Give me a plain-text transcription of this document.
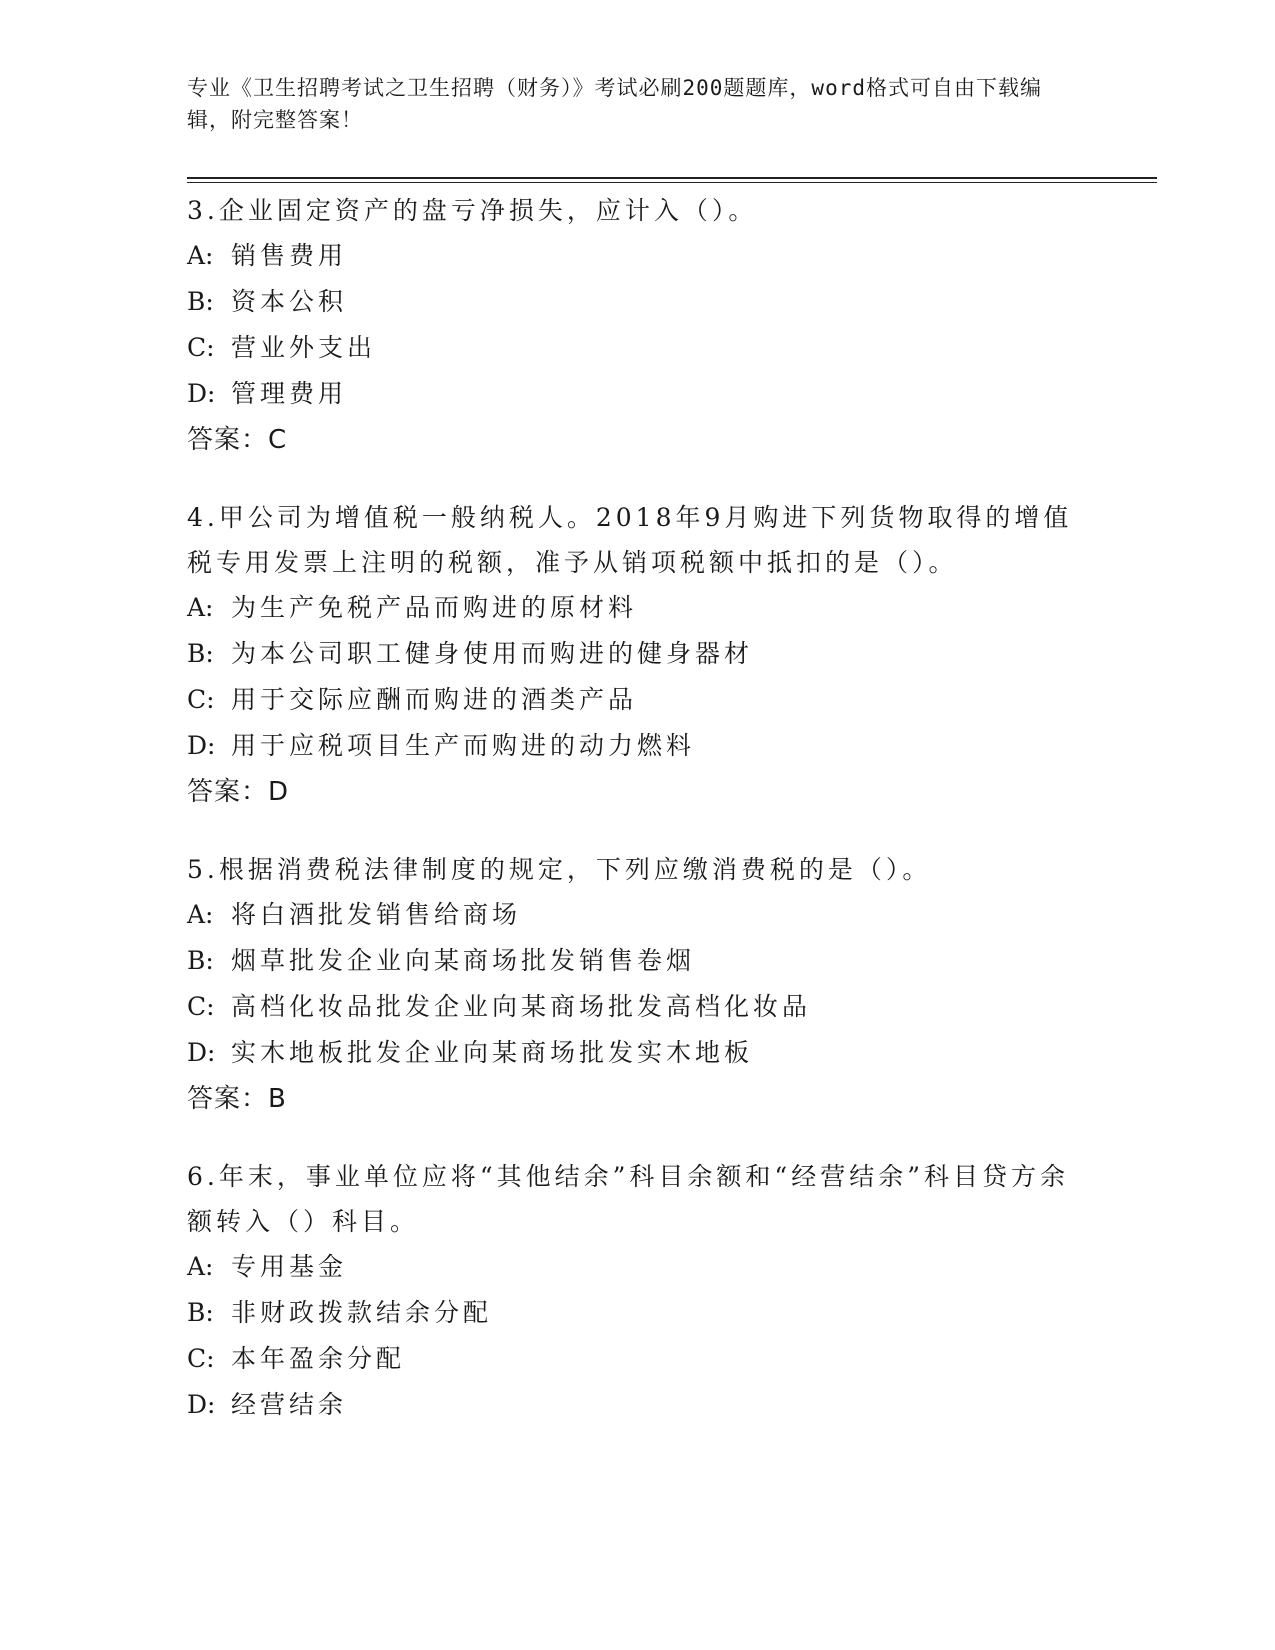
专业《卫生招聘考试之卫生招聘（财务）》考试必刷200题题库，word格式可自由下载编辑，附完整答案！

3.企业固定资产的盘亏净损失，应计入（）。

A: 销售费用

B: 资本公积

C: 营业外支出

D: 管理费用

答案：C

4.甲公司为增值税一般纳税人。2018年9月购进下列货物取得的增值税专用发票上注明的税额，准予从销项税额中抵扣的是（）。

A: 为生产免税产品而购进的原材料

B: 为本公司职工健身使用而购进的健身器材

C: 用于交际应酬而购进的酒类产品

D: 用于应税项目生产而购进的动力燃料

答案：D

5.根据消费税法律制度的规定，下列应缴消费税的是（）。

A: 将白酒批发销售给商场

B: 烟草批发企业向某商场批发销售卷烟

C: 高档化妆品批发企业向某商场批发高档化妆品

D: 实木地板批发企业向某商场批发实木地板

答案：B

6.年末，事业单位应将“其他结余”科目余额和“经营结余”科目贷方余额转入（）科目。

A: 专用基金

B: 非财政拨款结余分配

C: 本年盈余分配

D: 经营结余
